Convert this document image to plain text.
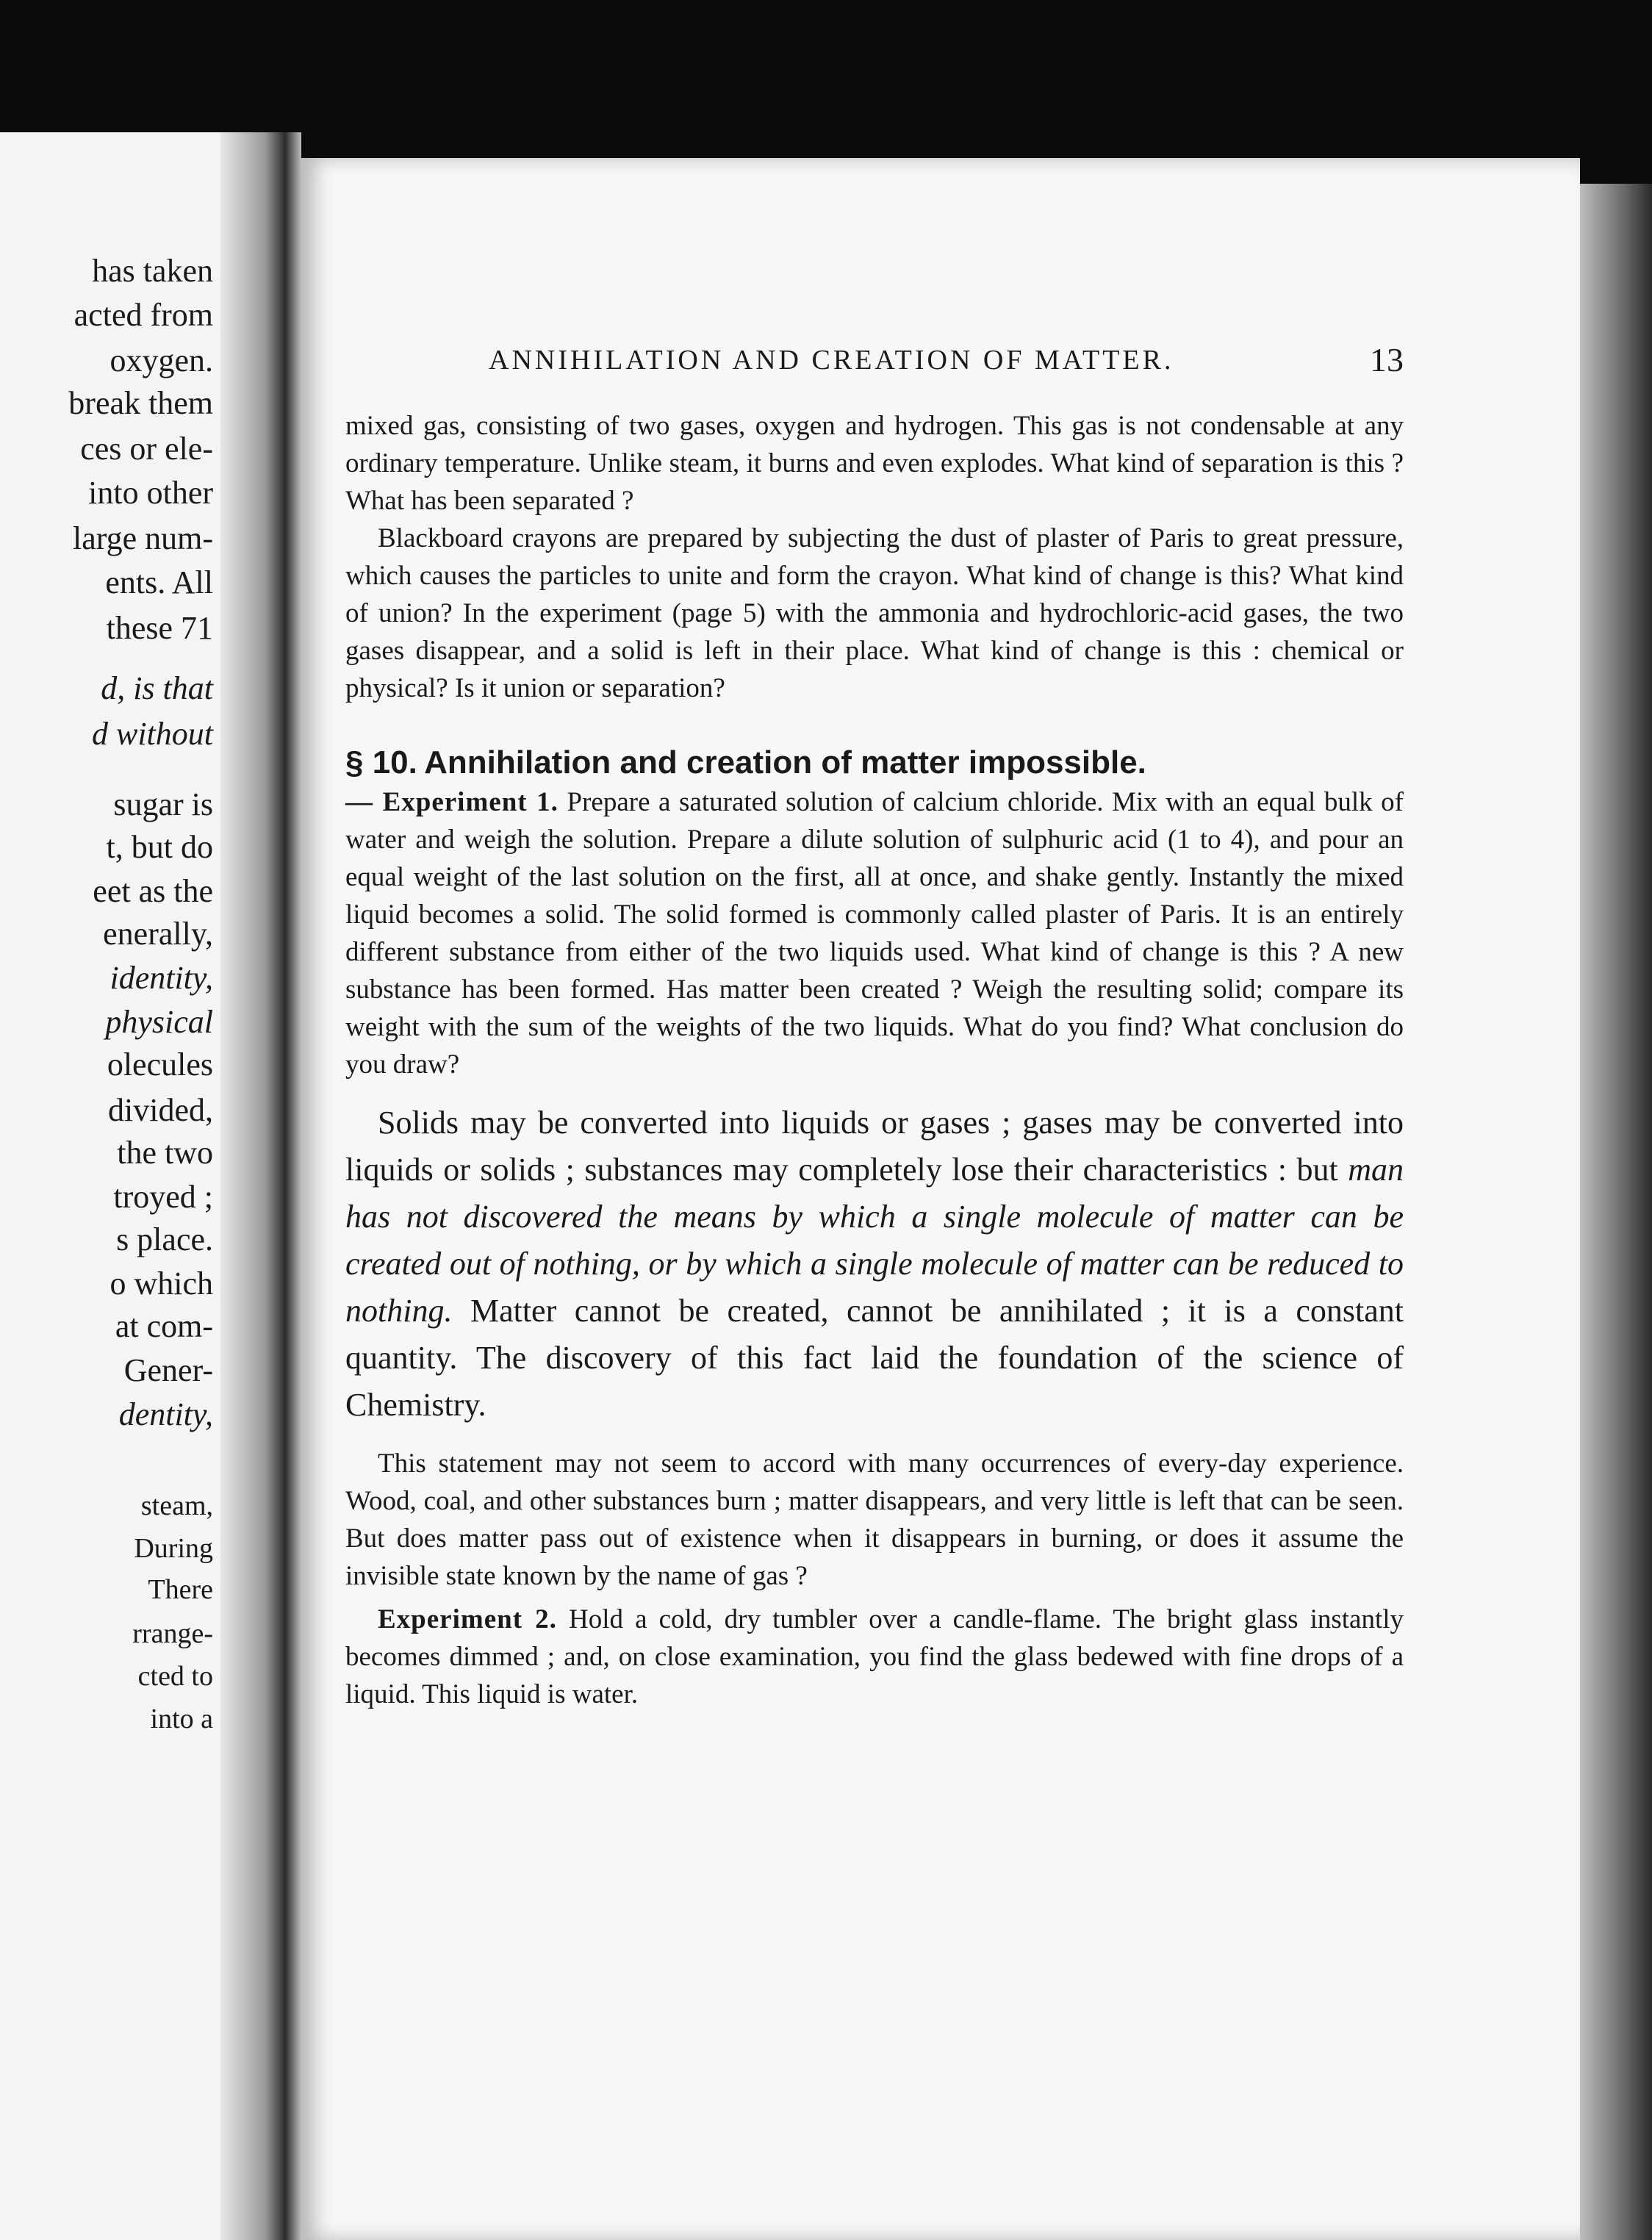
has taken
acted from
oxygen.
break them
ces or ele-
into other
large num-
ents. All
these 71
d, is that
d without
sugar is
t, but do
eet as the
enerally,
identity,
physical
olecules
divided,
the two
troyed ;
s place.
o which
at com-
Gener-
dentity,
steam,
During
There
rrange-
cted to
into a
ANNIHILATION AND CREATION OF MATTER.	13

mixed gas, consisting of two gases, oxygen and hydrogen. This gas is not condensable at any ordinary temperature. Unlike steam, it burns and even explodes. What kind of separation is this ? What has been separated ?

Blackboard crayons are prepared by subjecting the dust of plaster of Paris to great pressure, which causes the particles to unite and form the crayon. What kind of change is this? What kind of union? In the experiment (page 5) with the ammonia and hydrochloric-acid gases, the two gases disappear, and a solid is left in their place. What kind of change is this : chemical or physical? Is it union or separation?

§ 10. Annihilation and creation of matter impossible.
— Experiment 1. Prepare a saturated solution of calcium chloride. Mix with an equal bulk of water and weigh the solution. Prepare a dilute solution of sulphuric acid (1 to 4), and pour an equal weight of the last solution on the first, all at once, and shake gently. Instantly the mixed liquid becomes a solid. The solid formed is commonly called plaster of Paris. It is an entirely different substance from either of the two liquids used. What kind of change is this ? A new substance has been formed. Has matter been created ? Weigh the resulting solid; compare its weight with the sum of the weights of the two liquids. What do you find? What conclusion do you draw?

Solids may be converted into liquids or gases ; gases may be converted into liquids or solids ; substances may completely lose their characteristics : but man has not discovered the means by which a single molecule of matter can be created out of nothing, or by which a single molecule of matter can be reduced to nothing. Matter cannot be created, cannot be annihilated ; it is a constant quantity. The discovery of this fact laid the foundation of the science of Chemistry.

This statement may not seem to accord with many occurrences of every-day experience. Wood, coal, and other substances burn ; matter disappears, and very little is left that can be seen. But does matter pass out of existence when it disappears in burning, or does it assume the invisible state known by the name of gas ?

Experiment 2. Hold a cold, dry tumbler over a candle-flame. The bright glass instantly becomes dimmed ; and, on close examination, you find the glass bedewed with fine drops of a liquid. This liquid is water.
